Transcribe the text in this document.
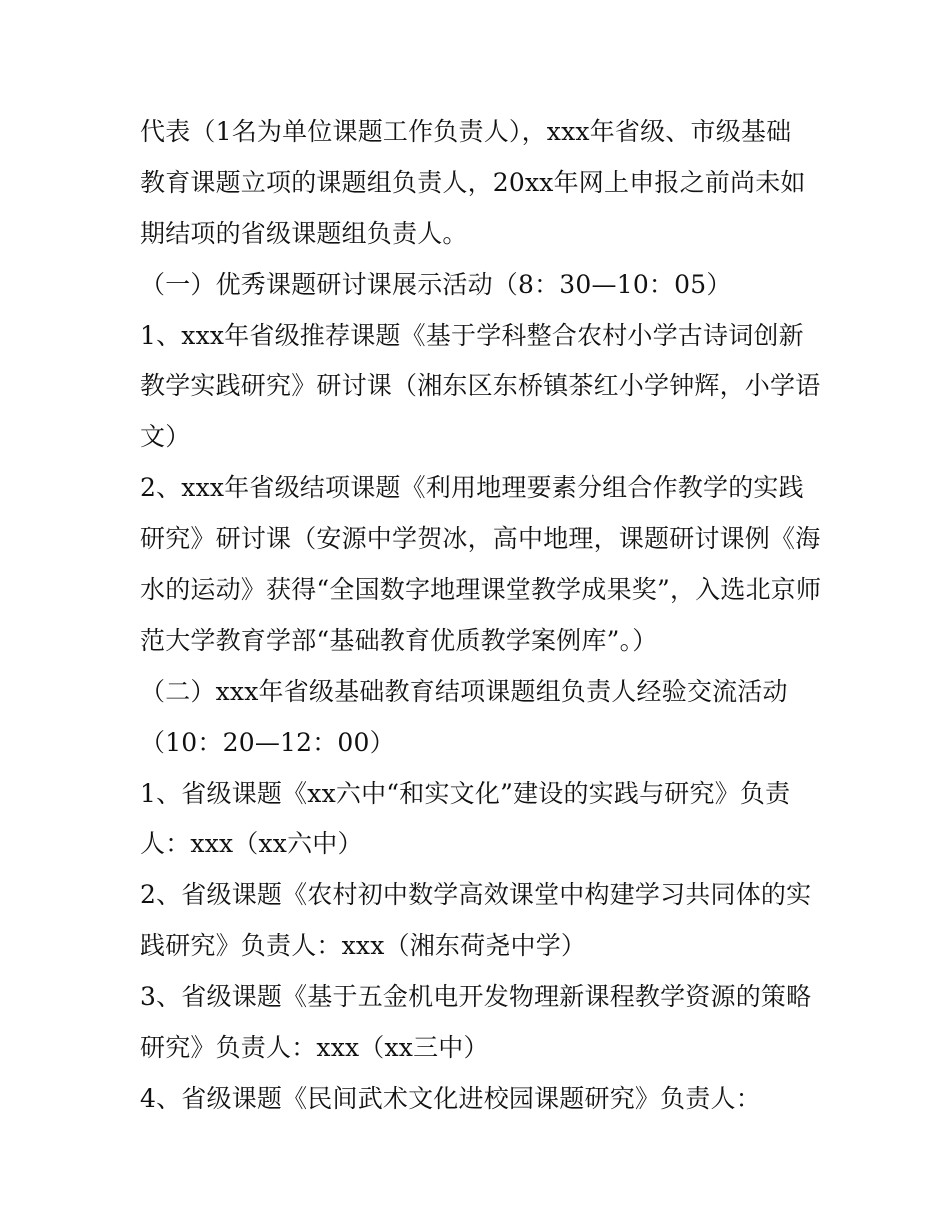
代表（1名为单位课题工作负责人），xxx年省级、市级基础
教育课题立项的课题组负责人，20xx年网上申报之前尚未如
期结项的省级课题组负责人。
（一）优秀课题研讨课展示活动（8：30—10：05）
1、xxx年省级推荐课题《基于学科整合农村小学古诗词创新
教学实践研究》研讨课（湘东区东桥镇茶红小学钟辉，小学语
文）
2、xxx年省级结项课题《利用地理要素分组合作教学的实践
研究》研讨课（安源中学贺冰，高中地理，课题研讨课例《海
水的运动》获得“全国数字地理课堂教学成果奖”，入选北京师
范大学教育学部“基础教育优质教学案例库”。）
（二）xxx年省级基础教育结项课题组负责人经验交流活动
（10：20—12：00）
1、省级课题《xx六中“和实文化”建设的实践与研究》负责
人：xxx（xx六中）
2、省级课题《农村初中数学高效课堂中构建学习共同体的实
践研究》负责人：xxx（湘东荷尧中学）
3、省级课题《基于五金机电开发物理新课程教学资源的策略
研究》负责人：xxx（xx三中）
4、省级课题《民间武术文化进校园课题研究》负责人：
